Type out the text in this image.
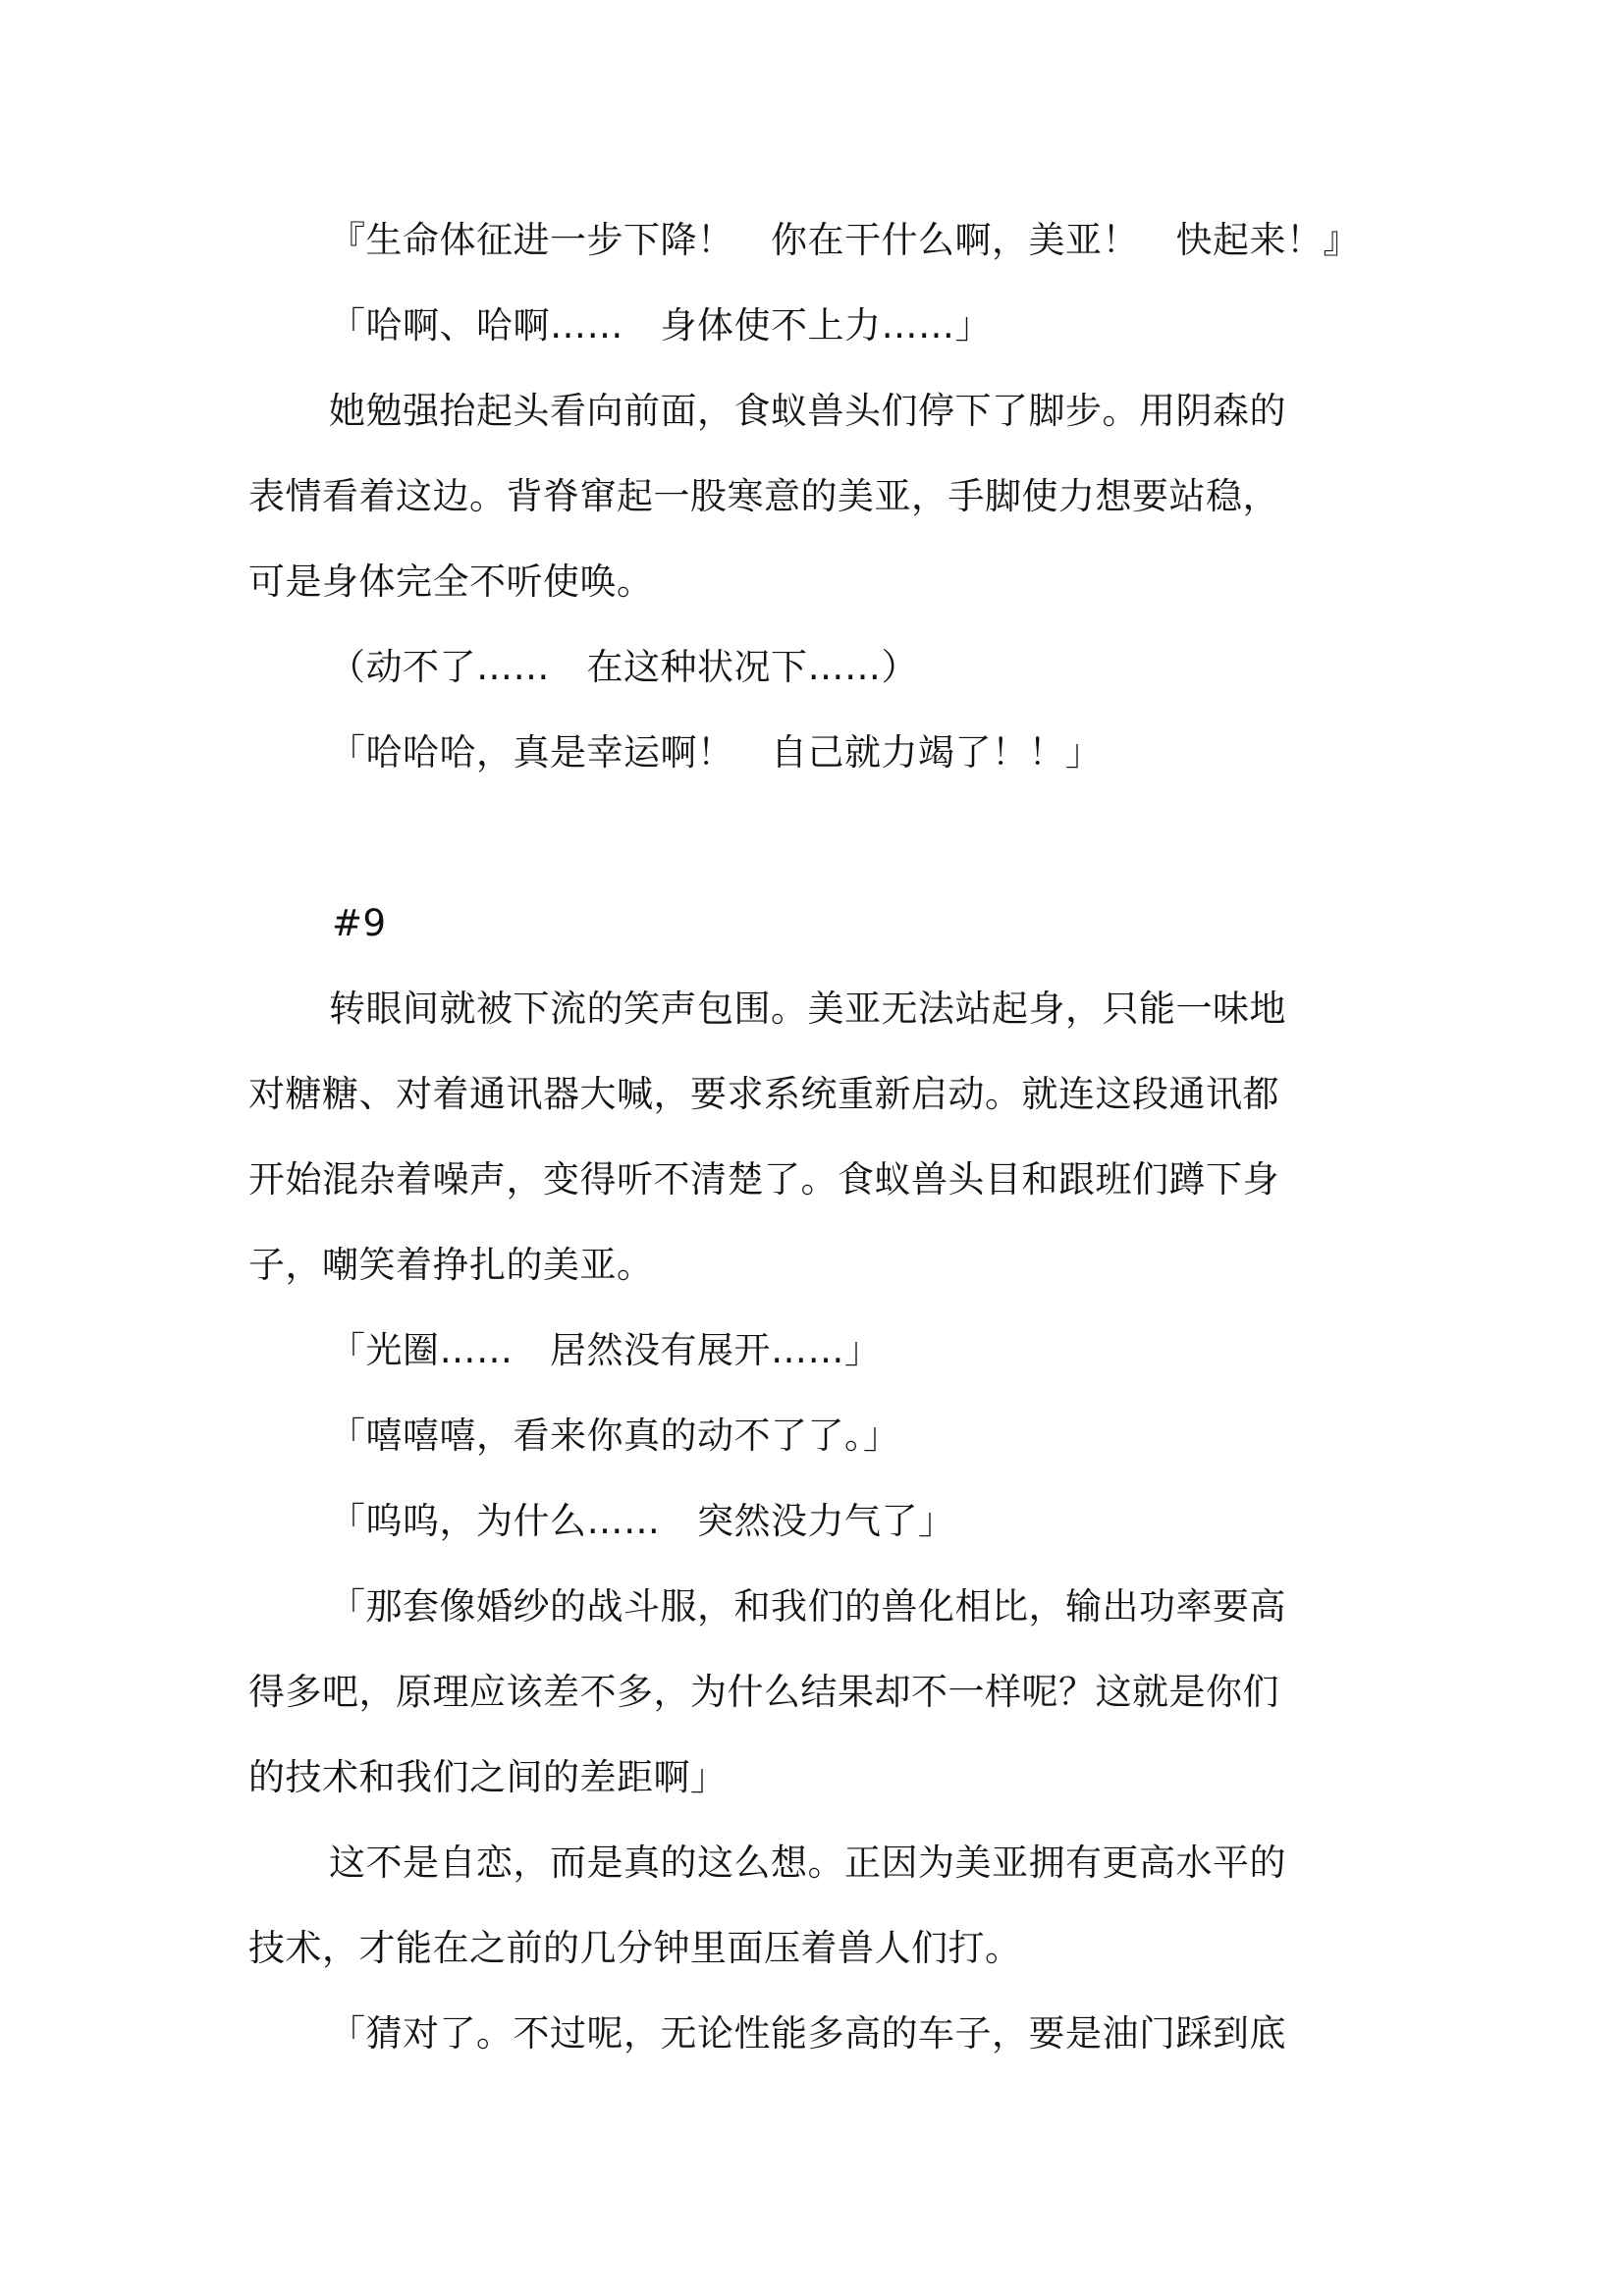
『生命体征进一步下降！　你在干什么啊，美亚！　快起来！』
「哈啊、哈啊……　身体使不上力……」
她勉强抬起头看向前面，食蚁兽头们停下了脚步。用阴森的
表情看着这边。背脊窜起一股寒意的美亚，手脚使力想要站稳，
可是身体完全不听使唤。
（动不了……　在这种状况下……）
「哈哈哈，真是幸运啊！　自己就力竭了！！」
#9
转眼间就被下流的笑声包围。美亚无法站起身，只能一味地
对糖糖、对着通讯器大喊，要求系统重新启动。就连这段通讯都
开始混杂着噪声，变得听不清楚了。食蚁兽头目和跟班们蹲下身
子，嘲笑着挣扎的美亚。
「光圈……　居然没有展开……」
「嘻嘻嘻，看来你真的动不了了。」
「呜呜，为什么……　突然没力气了」
「那套像婚纱的战斗服，和我们的兽化相比，输出功率要高
得多吧，原理应该差不多，为什么结果却不一样呢？这就是你们
的技术和我们之间的差距啊」
这不是自恋，而是真的这么想。正因为美亚拥有更高水平的
技术，才能在之前的几分钟里面压着兽人们打。
「猜对了。不过呢，无论性能多高的车子，要是油门踩到底
